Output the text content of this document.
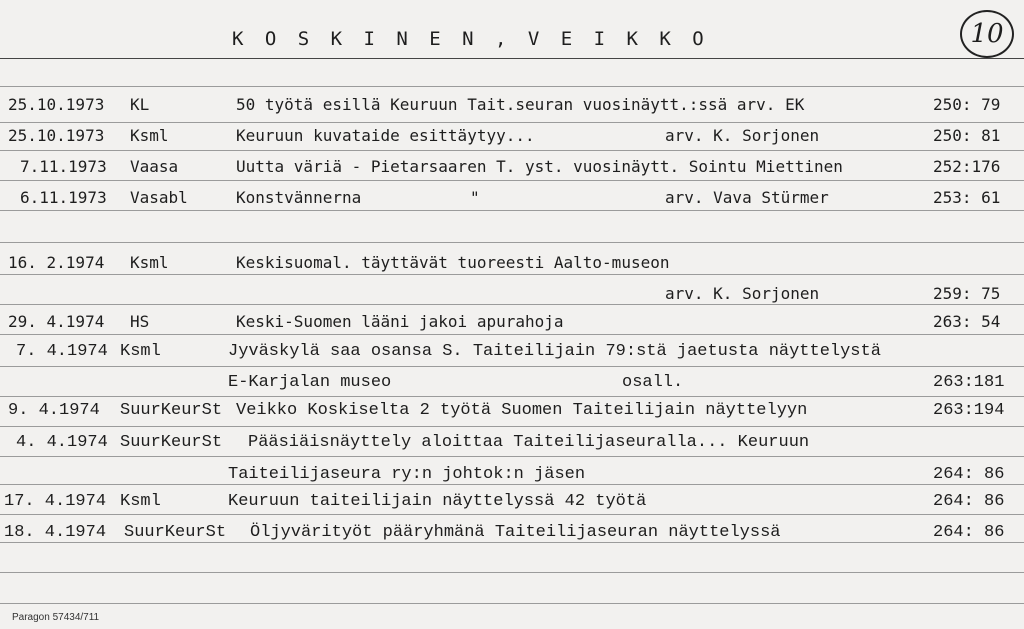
K O S K I N E N , V E I K K O	10
25.10.1973 KL	50 työtä esillä Keuruun Tait.seuran vuosinäytt.:ssä arv. EK	250: 79
25.10.1973 Ksml	Keuruun kuvataide esittäytyy...	arv. K. Sorjonen	250: 81
7.11.1973 Vaasa	Uutta väriä - Pietarsaaren T. yst. vuosinäytt. Sointu Miettinen	252:176
6.11.1973 Vasabl	Konstvännerna	"	arv. Vava Stürmer	253: 61
16. 2.1974 Ksml	Keskisuomal. täyttävät tuoreesti Aalto-museon
arv. K. Sorjonen	259: 75
29. 4.1974 HS	Keski-Suomen lääni jakoi apurahoja	263: 54
7. 4.1974 Ksml	Jyväskylä saa osansa S. Taiteilijain 79:stä jaetusta näyttelystä
E-Karjalan museo	osall.	263:181
9. 4.1974 SuurKeurSt Veikko Koskiselta 2 työtä Suomen Taiteilijain näyttelyyn	263:194
4. 4.1974 SuurKeurSt Pääsiäisnäyttely aloittaa Taiteilijaseuralla... Keuruun
Taiteilijaseura ry:n johtok:n jäsen	264: 86
17. 4.1974 Ksml	Keuruun taiteilijain näyttelyssä 42 työtä	264: 86
18. 4.1974 SuurKeurSt Öljyvärityöt pääryhmänä Taiteilijaseuran näyttelyssä	264: 86
Paragon 57434/711
